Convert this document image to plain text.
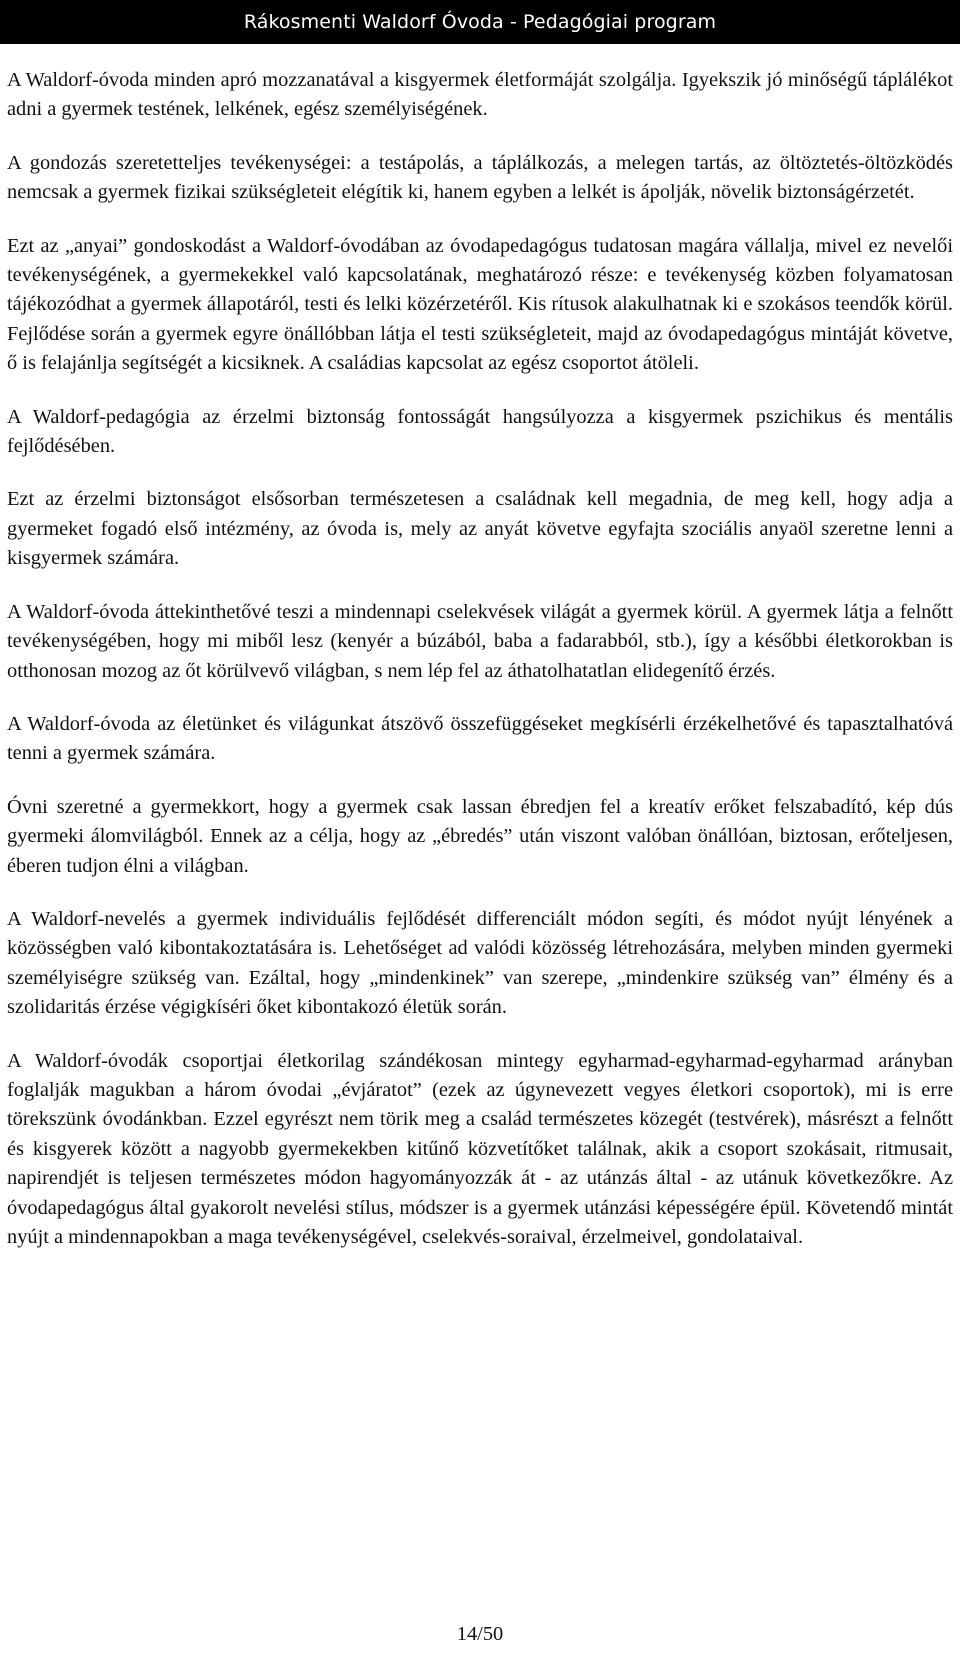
Rákosmenti Waldorf Óvoda - Pedagógiai program

A Waldorf-óvoda minden apró mozzanatával a kisgyermek életformáját szolgálja. Igyekszik jó minőségű táplálékot adni a gyermek testének, lelkének, egész személyiségének.

A gondozás szeretetteljes tevékenységei: a testápolás, a táplálkozás, a melegen tartás, az öltöztetés-öltözködés nemcsak a gyermek fizikai szükségleteit elégítik ki, hanem egyben a lelkét is ápolják, növelik biztonságérzetét.

Ezt az „anyai” gondoskodást a Waldorf-óvodában az óvodapedagógus tudatosan magára vállalja, mivel ez nevelői tevékenységének, a gyermekekkel való kapcsolatának, meghatározó része: e tevékenység közben folyamatosan tájékozódhat a gyermek állapotáról, testi és lelki közérzetéről. Kis rítusok alakulhatnak ki e szokásos teendők körül. Fejlődése során a gyermek egyre önállóbban látja el testi szükségleteit, majd az óvodapedagógus mintáját követve, ő is felajánlja segítségét a kicsiknek. A családias kapcsolat az egész csoportot átöleli.

A Waldorf-pedagógia az érzelmi biztonság fontosságát hangsúlyozza a kisgyermek pszichikus és mentális fejlődésében.

Ezt az érzelmi biztonságot elsősorban természetesen a családnak kell megadnia, de meg kell, hogy adja a gyermeket fogadó első intézmény, az óvoda is, mely az anyát követve egyfajta szociális anyaöl szeretne lenni a kisgyermek számára.

A Waldorf-óvoda áttekinthetővé teszi a mindennapi cselekvések világát a gyermek körül. A gyermek látja a felnőtt tevékenységében, hogy mi miből lesz (kenyér a búzából, baba a fadarabból, stb.), így a későbbi életkorokban is otthonosan mozog az őt körülvevő világban, s nem lép fel az áthatolhatatlan elidegenítő érzés.

A Waldorf-óvoda az életünket és világunkat átszövő összefüggéseket megkísérli érzékelhetővé és tapasztalhatóvá tenni a gyermek számára.

Óvni szeretné a gyermekkort, hogy a gyermek csak lassan ébredjen fel a kreatív erőket felszabadító, kép dús gyermeki álomvilágból. Ennek az a célja, hogy az „ébredés” után viszont valóban önállóan, biztosan, erőteljesen, éberen tudjon élni a világban.

A Waldorf-nevelés a gyermek individuális fejlődését differenciált módon segíti, és módot nyújt lényének a közösségben való kibontakoztatására is. Lehetőséget ad valódi közösség létrehozására, melyben minden gyermeki személyiségre szükség van. Ezáltal, hogy „mindenkinek” van szerepe, „mindenkire szükség van” élmény és a szolidaritás érzése végigkíséri őket kibontakozó életük során.

A Waldorf-óvodák csoportjai életkorilag szándékosan mintegy egyharmad-egyharmad-egyharmad arányban foglalják magukban a három óvodai „évjáratot” (ezek az úgynevezett vegyes életkori csoportok), mi is erre törekszünk óvodánkban. Ezzel egyrészt nem törik meg a család természetes közegét (testvérek), másrészt a felnőtt és kisgyerek között a nagyobb gyermekekben kitűnő közvetítőket találnak, akik a csoport szokásait, ritmusait, napirendjét is teljesen természetes módon hagyományozzák át - az utánzás által - az utánuk következőkre. Az óvodapedagógus által gyakorolt nevelési stílus, módszer is a gyermek utánzási képességére épül. Követendő mintát nyújt a mindennapokban a maga tevékenységével, cselekvés-soraival, érzelmeivel, gondolataival.

14/50
